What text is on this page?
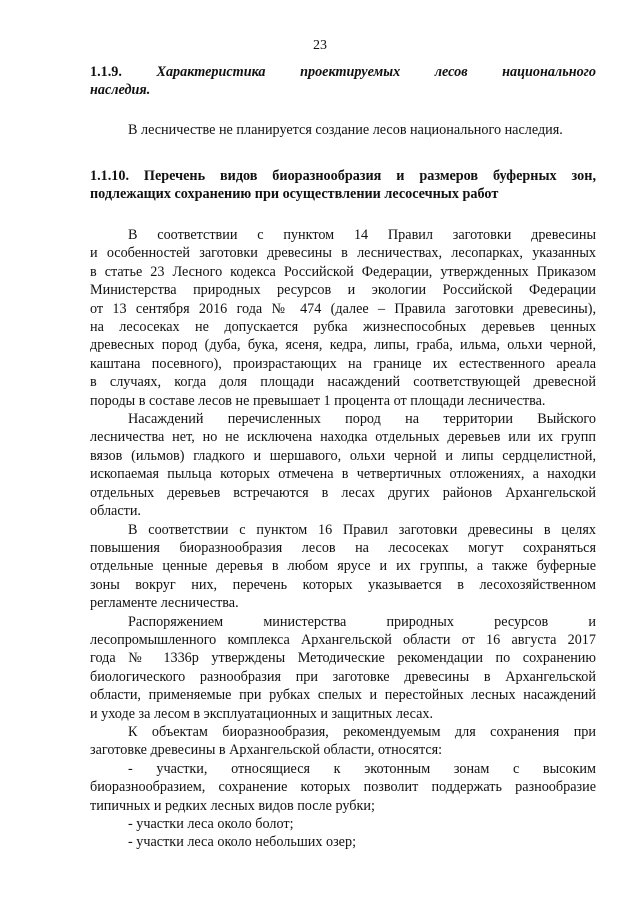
23

1.1.9. Характеристика проектируемых лесов национального

наследия.

В лесничестве не планируется создание лесов национального наследия.

1.1.10. Перечень видов биоразнообразия и размеров буферных зон,

подлежащих сохранению при осуществлении лесосечных работ

В соответствии с пунктом 14 Правил заготовки древесины

и особенностей заготовки древесины в лесничествах, лесопарках, указанных

в статье 23 Лесного кодекса Российской Федерации, утвержденных Приказом

Министерства природных ресурсов и экологии Российской Федерации

от 13 сентября 2016 года № 474 (далее – Правила заготовки древесины),

на лесосеках не допускается рубка жизнеспособных деревьев ценных

древесных пород (дуба, бука, ясеня, кедра, липы, граба, ильма, ольхи черной,

каштана посевного), произрастающих на границе их естественного ареала

в случаях, когда доля площади насаждений соответствующей древесной

породы в составе лесов не превышает 1 процента от площади лесничества.

Насаждений перечисленных пород на территории Выйского

лесничества нет, но не исключена находка отдельных деревьев или их групп

вязов (ильмов) гладкого и шершавого, ольхи черной и липы сердцелистной,

ископаемая пыльца которых отмечена в четвертичных отложениях, а находки

отдельных деревьев встречаются в лесах других районов Архангельской

области.

В соответствии с пунктом 16 Правил заготовки древесины в целях

повышения биоразнообразия лесов на лесосеках могут сохраняться

отдельные ценные деревья в любом ярусе и их группы, а также буферные

зоны вокруг них, перечень которых указывается в лесохозяйственном

регламенте лесничества.

Распоряжением министерства природных ресурсов и

лесопромышленного комплекса Архангельской области от 16 августа 2017

года № 1336р утверждены Методические рекомендации по сохранению

биологического разнообразия при заготовке древесины в Архангельской

области, применяемые при рубках спелых и перестойных лесных насаждений

и уходе за лесом в эксплуатационных и защитных лесах.

К объектам биоразнообразия, рекомендуемым для сохранения при

заготовке древесины в Архангельской области, относятся:

- участки, относящиеся к экотонным зонам с высоким

биоразнообразием, сохранение которых позволит поддержать разнообразие

типичных и редких лесных видов после рубки;

- участки леса около болот;

- участки леса около небольших озер;
